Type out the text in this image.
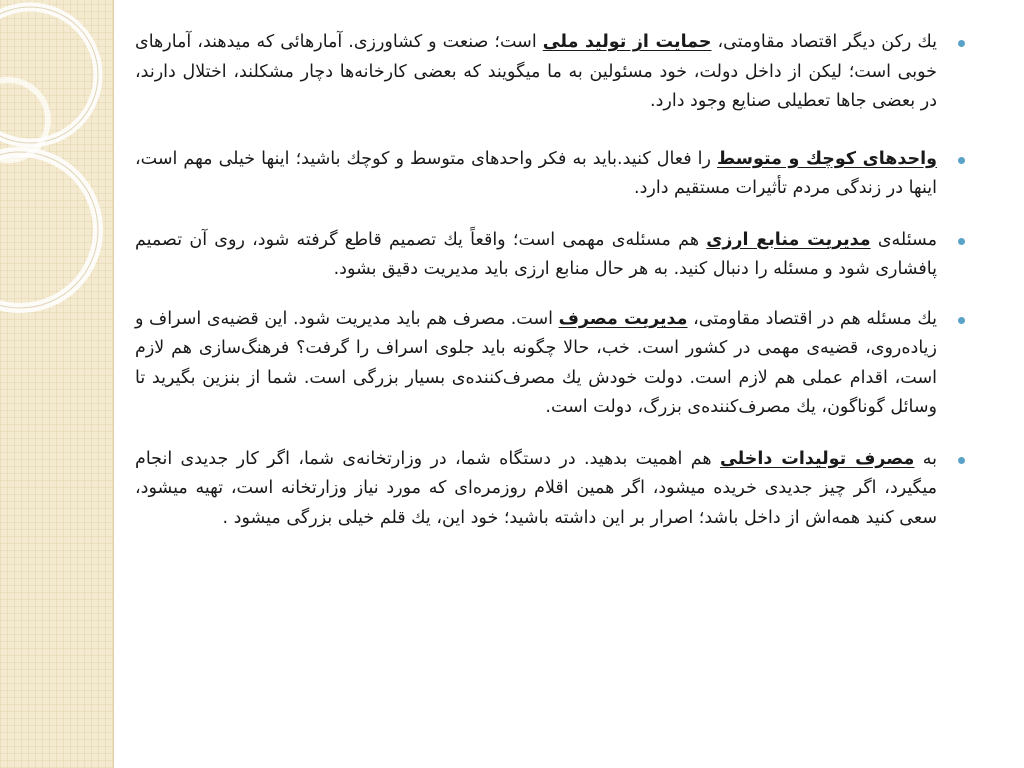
يك ركن ديگر اقتصاد مقاومتى، حمايت از توليد ملى است؛ صنعت و كشاورزى. آمارهائى كه ميدهند، آمارهاى خوبى است؛ ليكن از داخل دولت، خود مسئولين به ما ميگويند كه بعضى كارخانه‌ها دچار مشكلند، اختلال دارند، در بعضى جاها تعطيلى صنايع وجود دارد.
واحدهاى كوچك و متوسط را فعال كنيد.بايد به فكر واحدهاى متوسط و كوچك باشيد؛ اينها خيلى مهم است، اينها در زندگى مردم تأثيرات مستقيم دارد.
مسئله‌ى مديريت منابع ارزى هم مسئله‌ى مهمى است؛ واقعاً يك تصميم قاطع گرفته شود، روى آن تصميم پافشارى شود و مسئله را دنبال كنيد. به هر حال منابع ارزى بايد مديريت دقيق بشود.
يك مسئله هم در اقتصاد مقاومتى، مديريت مصرف است. مصرف هم بايد مديريت شود. اين قضيه‌ى اسراف و زياده‌روى، قضيه‌ى مهمى در كشور است. خب، حالا چگونه بايد جلوى اسراف را گرفت؟ فرهنگ‌سازى هم لازم است، اقدام عملى هم لازم است. دولت خودش يك مصرف‌كننده‌ى بسيار بزرگى است. شما از بنزين بگيريد تا وسائل گوناگون، يك مصرف‌كننده‌ى بزرگ، دولت است.
به مصرف توليدات داخلى هم اهميت بدهيد. در دستگاه شما، در وزارتخانه‌ى شما، اگر كار جديدى انجام ميگيرد، اگر چيز جديدى خريده ميشود، اگر همين اقلام روزمره‌اى كه مورد نياز وزارتخانه است، تهيه ميشود، سعى كنيد همه‌اش از داخل باشد؛ اصرار بر اين داشته باشيد؛ خود اين، يك قلم خيلى بزرگى ميشود .
